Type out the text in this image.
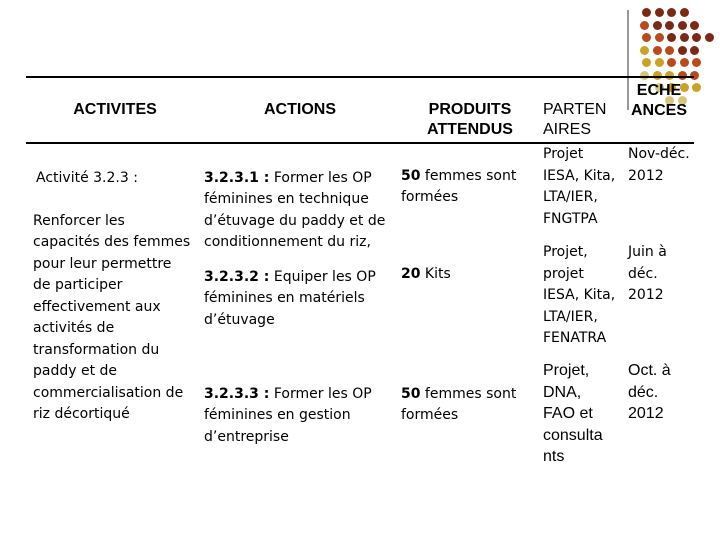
ACTIVITES	ACTIONS	PRODUITS
ATTENDUS
PARTEN
AIRES
ECHE
ANCES

Activité 3.2.3 :

Renforcer les
capacités des femmes
pour leur permettre
de participer
effectivement aux
activités de
transformation du
paddy et de
commercialisation de
riz décortiqué

3.2.3.1 : Former les OP
féminines en technique
d’étuvage du paddy et de
conditionnement du riz,

50 femmes sont
formées

Projet
IESA, Kita,
LTA/IER,
FNGTPA
Nov-déc.
2012

3.2.3.2 : Equiper les OP
féminines en matériels
d’étuvage

20 Kits

Projet,
projet
IESA, Kita,
LTA/IER,
FENATRA
Juin à
déc.
2012

3.2.3.3 : Former les OP
féminines en gestion
d’entreprise

50 femmes sont
formées

Projet,
DNA,
FAO et
consulta
nts
Oct. à
déc.
2012
